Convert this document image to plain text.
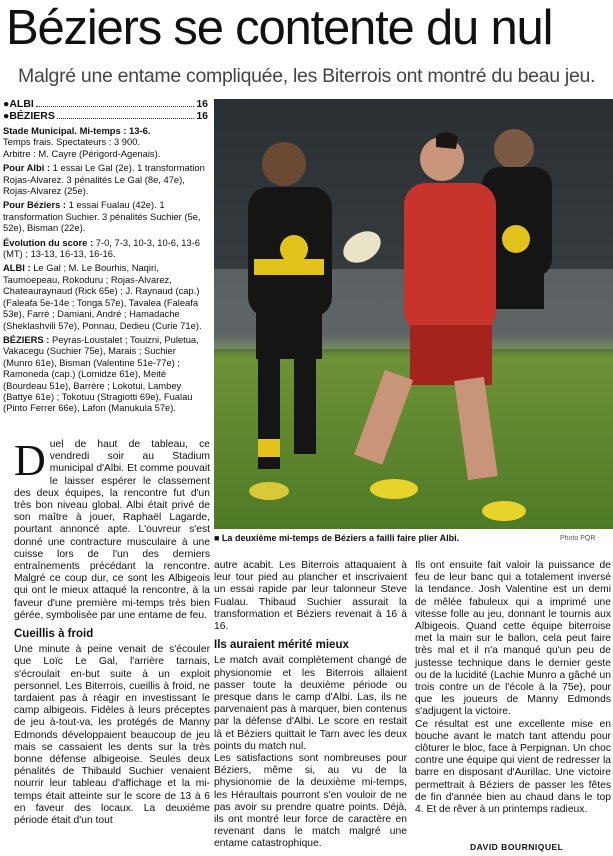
Béziers se contente du nul
Malgré une entame compliquée, les Biterrois ont montré du beau jeu.
●ALBI	16
●BÉZIERS	16

Stade Municipal. Mi-temps : 13-6.
Temps frais. Spectateurs : 3 900.
Arbitre : M. Cayre (Périgord-Agenais).

Pour Albi : 1 essai Le Gal (2e). 1 transformation Rojas-Alvarez. 3 pénalités Le Gal (8e, 47e), Rojas-Alvarez (25e).

Pour Béziers : 1 essai Fualau (42e). 1 transformation Suchier. 3 pénalités Suchier (5e, 52e), Bisman (22e).

Évolution du score : 7-0, 7-3, 10-3, 10-6, 13-6 (MT) ; 13-13, 16-13, 16-16.

ALBI : Le Gal ; M. Le Bourhis, Naqiri, Taumoepeau, Rokoduru ; Rojas-Alvarez, Chateauraynaud (Rick 65e) ; J. Raynaud (cap.) (Faleafa 5e-14e ; Tonga 57e), Tavalea (Faleafa 53e), Farré ; Damiani, André ; Hamadache (Sheklashvili 57e), Ponnau, Dedieu (Curie 71e).

BÉZIERS : Peyras-Loustalet ; Touizni, Puletua, Vakacegu (Suchier 75e), Marais ; Suchier (Munro 61e), Bisman (Valentine 51e-77e) ; Ramoneda (cap.) (Lomidze 61e), Meité (Bourdeau 51e), Barrère ; Lokotui, Lambey (Battye 61e) ; Tokotuu (Stragiotti 69e), Fualau (Pinto Ferrer 66e), Lafon (Manukula 57e).

■ La deuxième mi-temps de Béziers a failli faire plier Albi.	Photo PQR

Duel de haut de tableau, ce vendredi soir au Stadium municipal d'Albi. Et comme pouvait le laisser espérer le classement des deux équipes, la rencontre fut d'un très bon niveau global. Albi était privé de son maître à jouer, Raphaël Lagarde, pourtant annoncé apte. L'ouvreur s'est donné une contracture musculaire à une cuisse lors de l'un des derniers entraînements précédant la rencontre. Malgré ce coup dur, ce sont les Albigeois qui ont le mieux attaqué la rencontre, à la faveur d'une première mi-temps très bien gérée, symbolisée par une entame de feu.

Cueillis à froid

Une minute à peine venait de s'écouler que Loïc Le Gal, l'arrière tarnais, s'écroulait en-but suite à un exploit personnel. Les Biterrois, cueillis à froid, ne tardaient pas à réagir en investissant le camp albigeois. Fidèles à leurs préceptes de jeu à-tout-va, les protégés de Manny Edmonds développaient beaucoup de jeu mais se cassaient les dents sur la très bonne défense albigeoise. Seules deux pénalités de Thibauld Suchier venaient nourrir leur tableau d'affichage et la mi-temps était atteinte sur le score de 13 à 6 en faveur des locaux. La deuxième période était d'un tout

autre acabit. Les Biterrois attaquaient à leur tour pied au plancher et inscrivaient un essai rapide par leur talonneur Steve Fualau. Thibaud Suchier assurait la transformation et Béziers revenait à 16 à 16.

Ils auraient mérité mieux

Le match avait complètement changé de physionomie et les Biterrois allaient passer toute la deuxième période ou presque dans le camp d'Albi. Las, ils ne parvenaient pas à marquer, bien contenus par la défense d'Albi. Le score en restait là et Béziers quittait le Tarn avec les deux points du match nul.

Les satisfactions sont nombreuses pour Béziers, même si, au vu de la physionomie de la deuxième mi-temps, les Héraultais pourront s'en vouloir de ne pas avoir su prendre quatre points. Déjà, ils ont montré leur force de caractère en revenant dans le match malgré une entame catastrophique.

Ils ont ensuite fait valoir la puissance de feu de leur banc qui a totalement inversé la tendance. Josh Valentine est un demi de mêlée fabuleux qui a imprimé une vitesse folle au jeu, donnant le tournis aux Albigeois. Quand cette équipe biterroise met la main sur le ballon, cela peut faire très mal et il n'a manqué qu'un peu de justesse technique dans le dernier geste ou de la lucidité (Lachie Munro a gâché un trois contre un de l'école à la 75e), pour que les joueurs de Manny Edmonds s'adjugent la victoire.

Ce résultat est une excellente mise en bouche avant le match tant attendu pour clôturer le bloc, face à Perpignan. Un choc contre une équipe qui vient de redresser la barre en disposant d'Aurillac. Une victoire permettrait à Béziers de passer les fêtes de fin d'année bien au chaud dans le top 4. Et de rêver à un printemps radieux.

DAVID BOURNIQUEL
